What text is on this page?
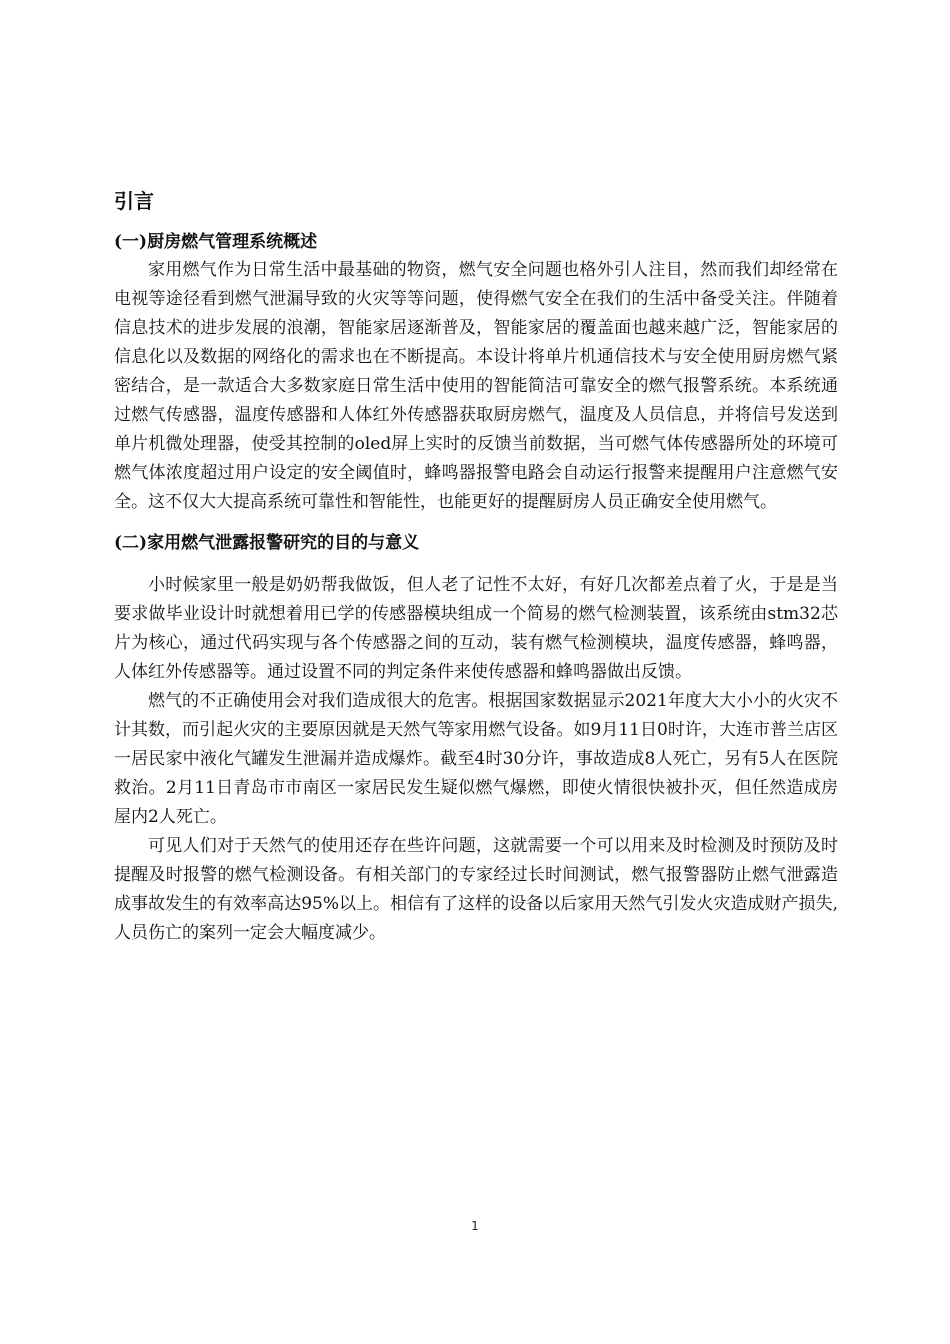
引言
(一)厨房燃气管理系统概述

家用燃气作为日常生活中最基础的物资，燃气安全问题也格外引人注目，然而我们却经常在电视等途径看到燃气泄漏导致的火灾等等问题，使得燃气安全在我们的生活中备受关注。伴随着信息技术的进步发展的浪潮，智能家居逐渐普及，智能家居的覆盖面也越来越广泛，智能家居的信息化以及数据的网络化的需求也在不断提高。本设计将单片机通信技术与安全使用厨房燃气紧密结合，是一款适合大多数家庭日常生活中使用的智能简洁可靠安全的燃气报警系统。本系统通过燃气传感器，温度传感器和人体红外传感器获取厨房燃气，温度及人员信息，并将信号发送到单片机微处理器，使受其控制的oled屏上实时的反馈当前数据，当可燃气体传感器所处的环境可燃气体浓度超过用户设定的安全阈值时，蜂鸣器报警电路会自动运行报警来提醒用户注意燃气安全。这不仅大大提高系统可靠性和智能性，也能更好的提醒厨房人员正确安全使用燃气。

(二)家用燃气泄露报警研究的目的与意义

小时候家里一般是奶奶帮我做饭，但人老了记性不太好，有好几次都差点着了火，于是是当要求做毕业设计时就想着用已学的传感器模块组成一个简易的燃气检测装置，该系统由stm32芯片为核心，通过代码实现与各个传感器之间的互动，装有燃气检测模块，温度传感器，蜂鸣器，人体红外传感器等。通过设置不同的判定条件来使传感器和蜂鸣器做出反馈。

燃气的不正确使用会对我们造成很大的危害。根据国家数据显示2021年度大大小小的火灾不计其数，而引起火灾的主要原因就是天然气等家用燃气设备。如9月11日0时许，大连市普兰店区一居民家中液化气罐发生泄漏并造成爆炸。截至4时30分许，事故造成8人死亡，另有5人在医院救治。2月11日青岛市市南区一家居民发生疑似燃气爆燃，即使火情很快被扑灭，但任然造成房屋内2人死亡。

可见人们对于天然气的使用还存在些许问题，这就需要一个可以用来及时检测及时预防及时提醒及时报警的燃气检测设备。有相关部门的专家经过长时间测试，燃气报警器防止燃气泄露造成事故发生的有效率高达95%以上。相信有了这样的设备以后家用天然气引发火灾造成财产损失,人员伤亡的案列一定会大幅度减少。

1
